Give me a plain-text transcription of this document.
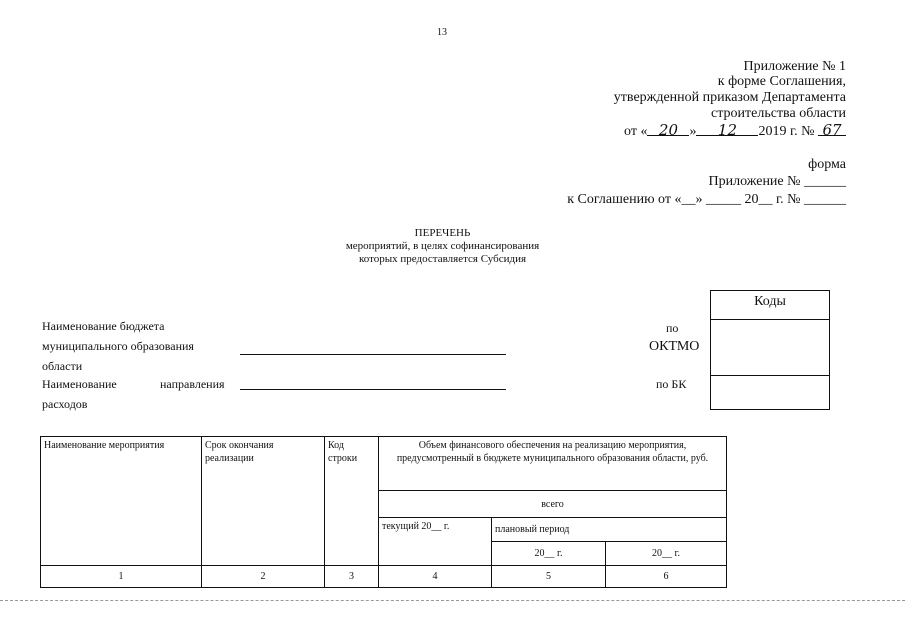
13
Приложение № 1
к форме Соглашения,
утвержденной приказом Департамента
строительства области
от « 20 » 12 2019 г. № 67
форма
Приложение № ______
к Соглашению от «__» _____ 20__ г. № ______
ПЕРЕЧЕНЬ
мероприятий, в целях софинансирования
которых предоставляется Субсидия
Наименование бюджета
муниципального образования
области
Наименование	направления
расходов
по
ОКТМО
по БК
Коды
Наименование мероприятия	Срок окончания реализации	Код строки	Объем финансового обеспечения на реализацию мероприятия, предусмотренный в бюджете муниципального образования области, руб.		
			всего		
			текущий 20__ г.	плановый период	
				20__ г.	20__ г.
1	2	3	4	5	6
